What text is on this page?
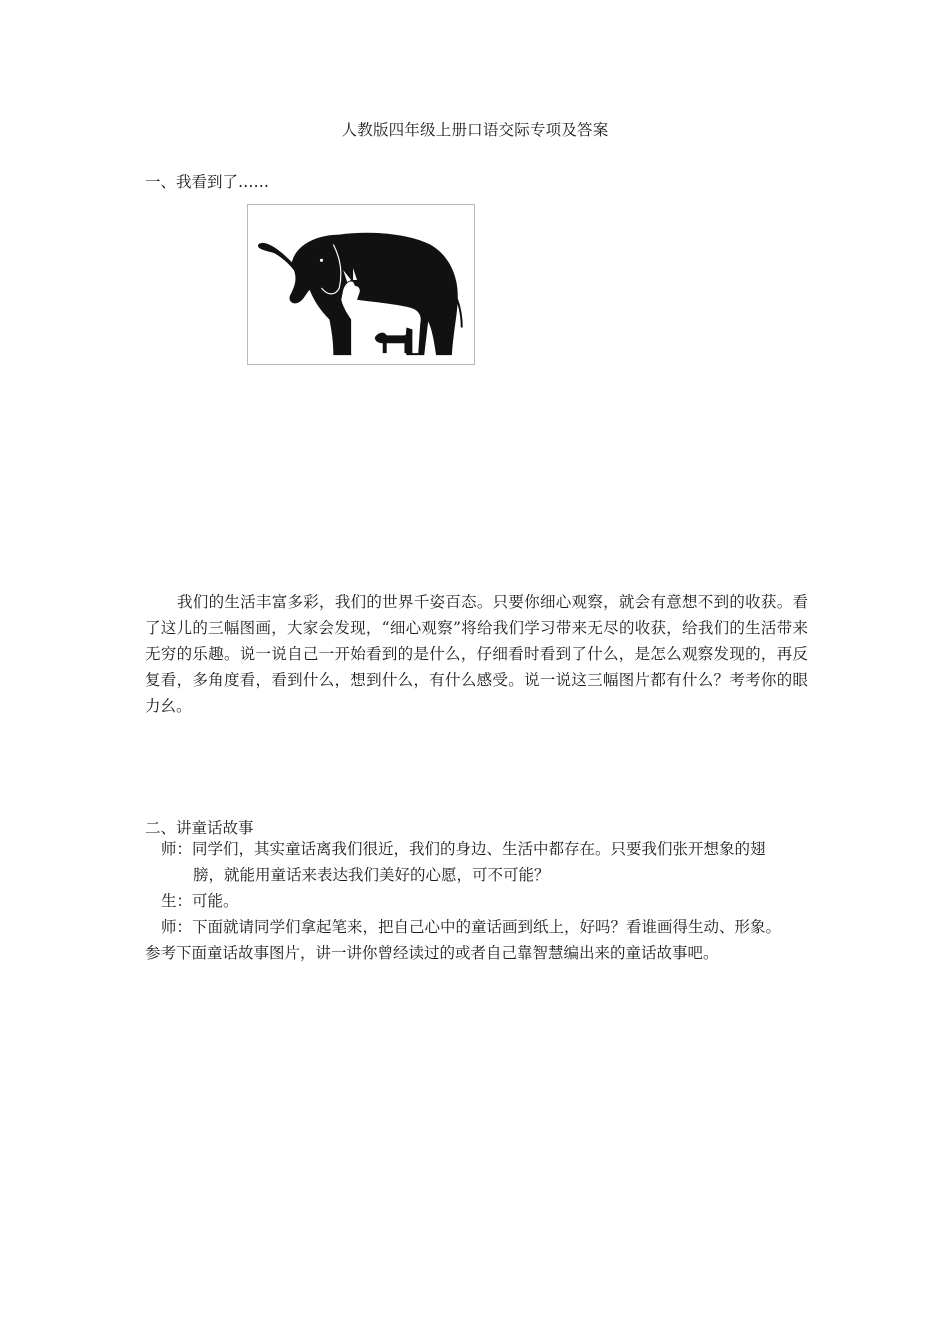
人教版四年级上册口语交际专项及答案
一、我看到了……
我们的生活丰富多彩，我们的世界千姿百态。只要你细心观察，就会有意想不到的收获。看了这儿的三幅图画，大家会发现，“细心观察”将给我们学习带来无尽的收获，给我们的生活带来无穷的乐趣。说一说自己一开始看到的是什么，仔细看时看到了什么，是怎么观察发现的，再反复看，多角度看，看到什么，想到什么，有什么感受。说一说这三幅图片都有什么？考考你的眼力幺。
二、讲童话故事
师：同学们，其实童话离我们很近，我们的身边、生活中都存在。只要我们张开想象的翅
膀，就能用童话来表达我们美好的心愿，可不可能？
生：可能。
师：下面就请同学们拿起笔来，把自己心中的童话画到纸上，好吗？看谁画得生动、形象。
参考下面童话故事图片，讲一讲你曾经读过的或者自己靠智慧编出来的童话故事吧。
